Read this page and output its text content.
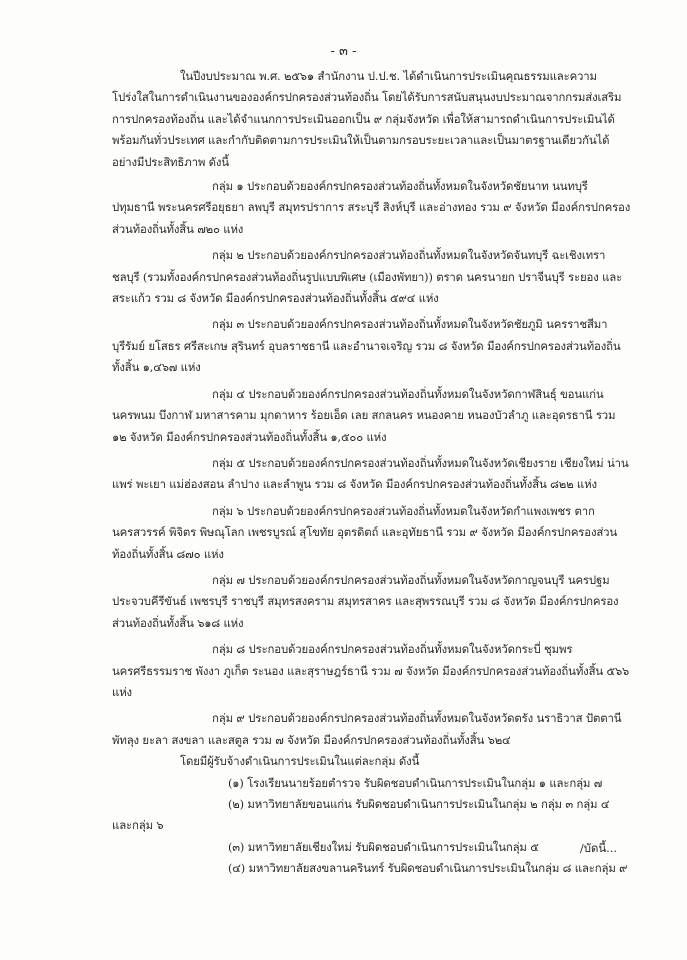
- ๓ -

ในปีงบประมาณ พ.ศ. ๒๕๖๑ สำนักงาน ป.ป.ช. ได้ดำเนินการประเมินคุณธรรมและความโปร่งใสในการดำเนินงานขององค์กรปกครองส่วนท้องถิ่น โดยได้รับการสนับสนุนงบประมาณจากกรมส่งเสริมการปกครองท้องถิ่น และได้จำแนกการประเมินออกเป็น ๙ กลุ่มจังหวัด เพื่อให้สามารถดำเนินการประเมินได้พร้อมกันทั่วประเทศ และกำกับติดตามการประเมินให้เป็นตามกรอบระยะเวลาและเป็นมาตรฐานเดียวกันได้อย่างมีประสิทธิภาพ ดังนี้

กลุ่ม ๑ ประกอบด้วยองค์กรปกครองส่วนท้องถิ่นทั้งหมดในจังหวัดชัยนาท นนทบุรี ปทุมธานี พระนครศรีอยุธยา ลพบุรี สมุทรปราการ สระบุรี สิงห์บุรี และอ่างทอง รวม ๙ จังหวัด มีองค์กรปกครองส่วนท้องถิ่นทั้งสิ้น ๗๒๐ แห่ง

กลุ่ม ๒ ประกอบด้วยองค์กรปกครองส่วนท้องถิ่นทั้งหมดในจังหวัดจันทบุรี ฉะเชิงเทรา ชลบุรี (รวมทั้งองค์กรปกครองส่วนท้องถิ่นรูปแบบพิเศษ (เมืองพัทยา)) ตราด นครนายก ปราจีนบุรี ระยอง และสระแก้ว รวม ๘ จังหวัด มีองค์กรปกครองส่วนท้องถิ่นทั้งสิ้น ๕๙๔ แห่ง

กลุ่ม ๓ ประกอบด้วยองค์กรปกครองส่วนท้องถิ่นทั้งหมดในจังหวัดชัยภูมิ นครราชสีมา บุรีรัมย์ ยโสธร ศรีสะเกษ สุรินทร์ อุบลราชธานี และอำนาจเจริญ รวม ๘ จังหวัด มีองค์กรปกครองส่วนท้องถิ่นทั้งสิ้น ๑,๔๖๗ แห่ง

กลุ่ม ๔ ประกอบด้วยองค์กรปกครองส่วนท้องถิ่นทั้งหมดในจังหวัดกาฬสินธุ์ ขอนแก่น นครพนม บึงกาฬ มหาสารคาม มุกดาหาร ร้อยเอ็ด เลย สกลนคร หนองคาย หนองบัวลำภู และอุดรธานี รวม ๑๒ จังหวัด มีองค์กรปกครองส่วนท้องถิ่นทั้งสิ้น ๑,๕๐๐ แห่ง

กลุ่ม ๕ ประกอบด้วยองค์กรปกครองส่วนท้องถิ่นทั้งหมดในจังหวัดเชียงราย เชียงใหม่ น่าน แพร่ พะเยา แม่ฮ่องสอน ลำปาง และลำพูน รวม ๘ จังหวัด มีองค์กรปกครองส่วนท้องถิ่นทั้งสิ้น ๘๒๒ แห่ง

กลุ่ม ๖ ประกอบด้วยองค์กรปกครองส่วนท้องถิ่นทั้งหมดในจังหวัดกำแพงเพชร ตาก นครสวรรค์ พิจิตร พิษณุโลก เพชรบูรณ์ สุโขทัย อุตรดิตถ์ และอุทัยธานี รวม ๙ จังหวัด มีองค์กรปกครองส่วนท้องถิ่นทั้งสิ้น ๘๗๐ แห่ง

กลุ่ม ๗ ประกอบด้วยองค์กรปกครองส่วนท้องถิ่นทั้งหมดในจังหวัดกาญจนบุรี นครปฐม ประจวบคีรีขันธ์ เพชรบุรี ราชบุรี สมุทรสงคราม สมุทรสาคร และสุพรรณบุรี รวม ๘ จังหวัด มีองค์กรปกครองส่วนท้องถิ่นทั้งสิ้น ๖๑๘ แห่ง

กลุ่ม ๘ ประกอบด้วยองค์กรปกครองส่วนท้องถิ่นทั้งหมดในจังหวัดกระบี่ ชุมพร นครศรีธรรมราช พังงา ภูเก็ต ระนอง และสุราษฎร์ธานี รวม ๗ จังหวัด มีองค์กรปกครองส่วนท้องถิ่นทั้งสิ้น ๕๖๖ แห่ง

กลุ่ม ๙ ประกอบด้วยองค์กรปกครองส่วนท้องถิ่นทั้งหมดในจังหวัดตรัง นราธิวาส ปัตตานี พัทลุง ยะลา สงขลา และสตูล รวม ๗ จังหวัด มีองค์กรปกครองส่วนท้องถิ่นทั้งสิ้น ๖๒๔

โดยมีผู้รับจ้างดำเนินการประเมินในแต่ละกลุ่ม ดังนี้

(๑) โรงเรียนนายร้อยตำรวจ รับผิดชอบดำเนินการประเมินในกลุ่ม ๑ และกลุ่ม ๗

(๒) มหาวิทยาลัยขอนแก่น รับผิดชอบดำเนินการประเมินในกลุ่ม ๒ กลุ่ม ๓ กลุ่ม ๔ และกลุ่ม ๖

(๓) มหาวิทยาลัยเชียงใหม่ รับผิดชอบดำเนินการประเมินในกลุ่ม ๕

(๔) มหาวิทยาลัยสงขลานครินทร์ รับผิดชอบดำเนินการประเมินในกลุ่ม ๘ และกลุ่ม ๙

/บัดนี้...
